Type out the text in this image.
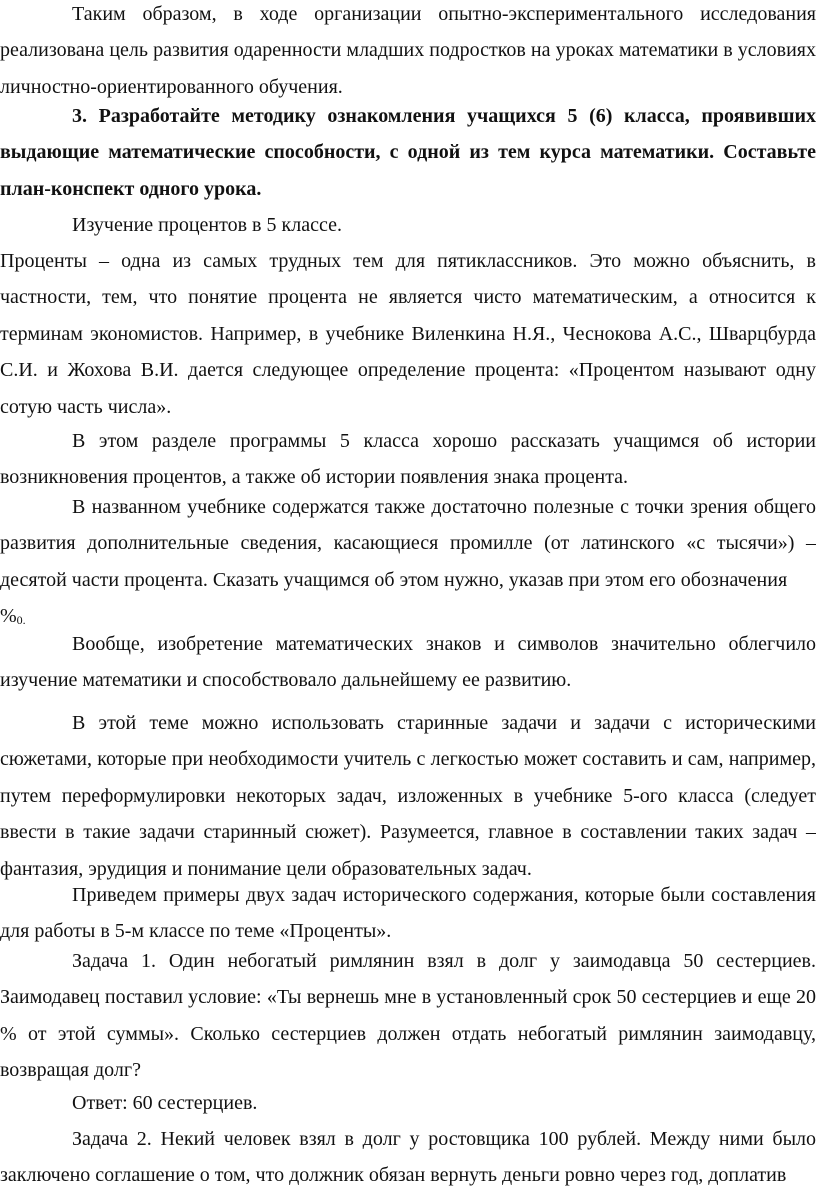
Таким образом, в ходе организации опытно-экспериментального исследования реализована цель развития одаренности младших подростков на уроках математики в условиях личностно-ориентированного обучения.

3. Разработайте методику ознакомления учащихся 5 (6) класса, проявивших выдающие математические способности, с одной из тем курса математики. Составьте план-конспект одного урока.

Изучение процентов в 5 классе.

Проценты – одна из самых трудных тем для пятиклассников. Это можно объяснить, в частности, тем, что понятие процента не является чисто математическим, а относится к терминам экономистов. Например, в учебнике Виленкина Н.Я., Чеснокова А.С., Шварцбурда С.И. и Жохова В.И. дается следующее определение процента: «Процентом называют одну сотую часть числа».

В этом разделе программы 5 класса хорошо рассказать учащимся об истории возникновения процентов, а также об истории появления знака процента.

В названном учебнике содержатся также достаточно полезные с точки зрения общего развития дополнительные сведения, касающиеся промилле (от латинского «с тысячи») – десятой части процента. Сказать учащимся об этом нужно, указав при этом его обозначения

%0.

Вообще, изобретение математических знаков и символов значительно облегчило изучение математики и способствовало дальнейшему ее развитию.

В этой теме можно использовать старинные задачи и задачи с историческими сюжетами, которые при необходимости учитель с легкостью может составить и сам, например, путем переформулировки некоторых задач, изложенных в учебнике 5-ого класса (следует ввести в такие задачи старинный сюжет). Разумеется, главное в составлении таких задач – фантазия, эрудиция и понимание цели образовательных задач.

Приведем примеры двух задач исторического содержания, которые были составления для работы в 5-м классе по теме «Проценты».

Задача 1. Один небогатый римлянин взял в долг у заимодавца 50 сестерциев. Заимодавец поставил условие: «Ты вернешь мне в установленный срок 50 сестерциев и еще 20 % от этой суммы». Сколько сестерциев должен отдать небогатый римлянин заимодавцу, возвращая долг?

Ответ: 60 сестерциев.

Задача 2. Некий человек взял в долг у ростовщика 100 рублей. Между ними было заключено соглашение о том, что должник обязан вернуть деньги ровно через год, доплатив
